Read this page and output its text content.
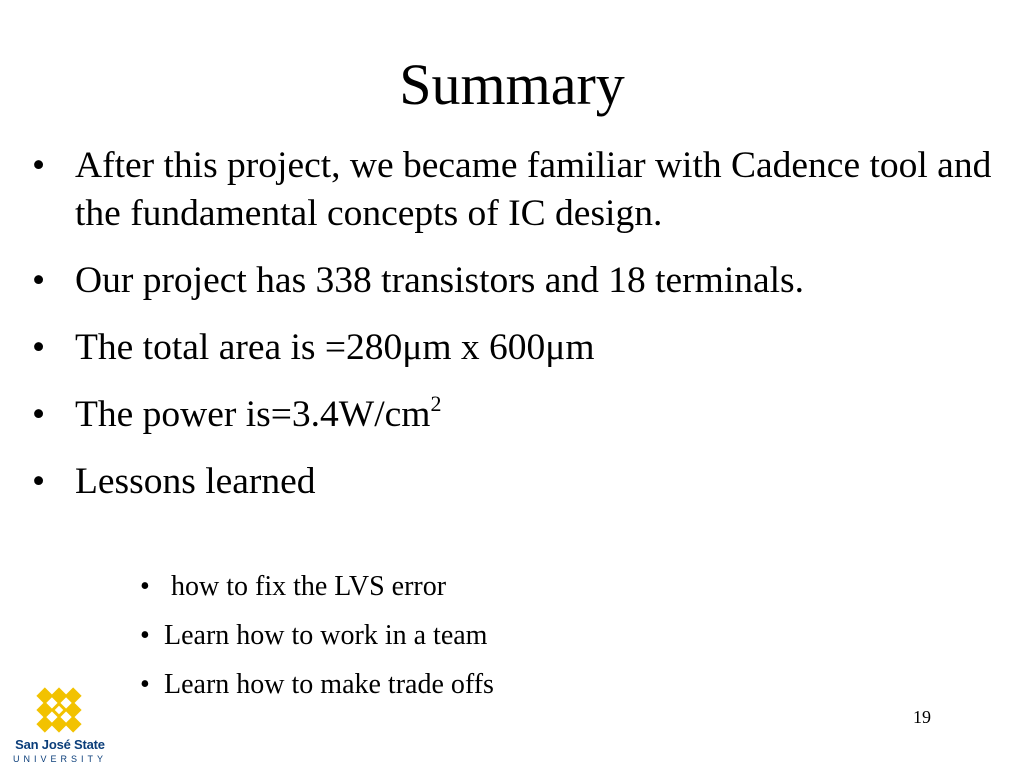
Summary
• After this project, we became familiar with Cadence tool and the fundamental concepts of IC design.
• Our project has 338 transistors and 18 terminals.
• The total area is =280μm x 600μm
• The power $is=3.4W/cm^2$
• Lessons learned
• how to fix the LVS error
• Learn how to work in a team
• Learn how to make trade offs
19
San José State
UNIVERSITY
